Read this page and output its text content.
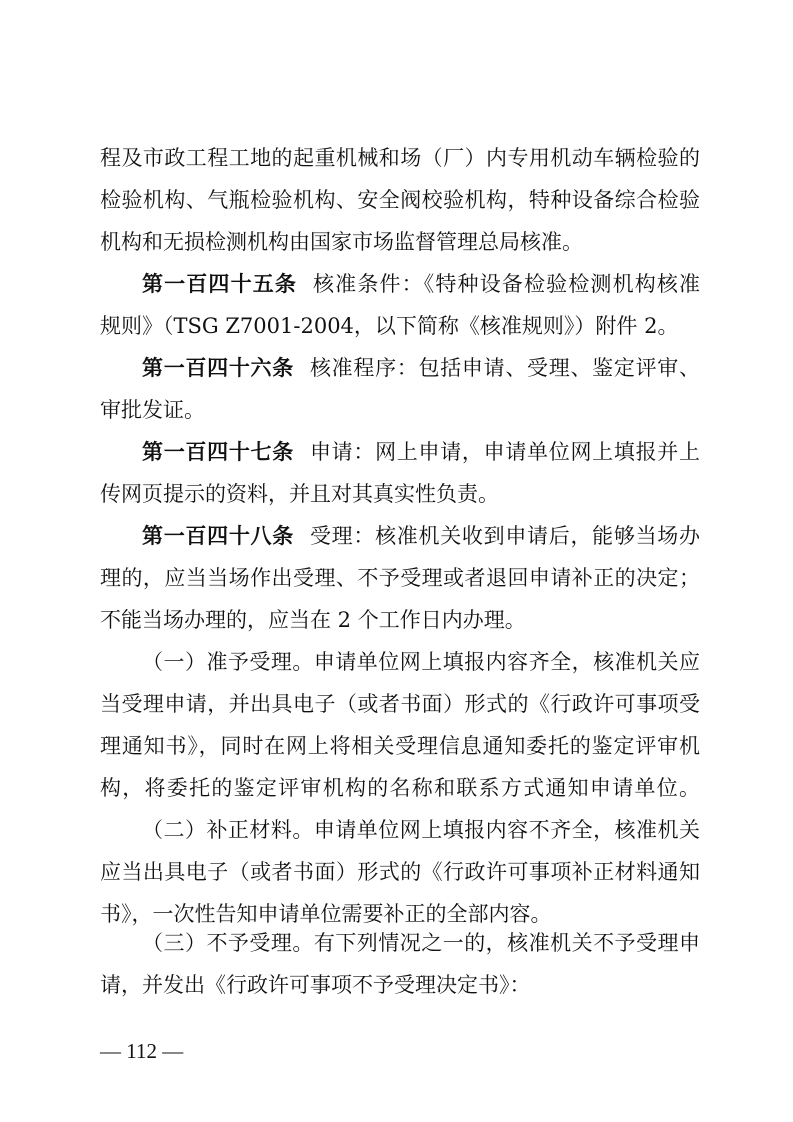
程及市政工程工地的起重机械和场（厂）内专用机动车辆检验的
检验机构、气瓶检验机构、安全阀校验机构，特种设备综合检验
机构和无损检测机构由国家市场监督管理总局核准。
第一百四十五条 核准条件：《特种设备检验检测机构核准
规则》（TSG Z7001-2004，以下简称《核准规则》）附件 2。
第一百四十六条 核准程序：包括申请、受理、鉴定评审、
审批发证。
第一百四十七条 申请：网上申请，申请单位网上填报并上
传网页提示的资料，并且对其真实性负责。
第一百四十八条 受理：核准机关收到申请后，能够当场办
理的，应当当场作出受理、不予受理或者退回申请补正的决定；
不能当场办理的，应当在 2 个工作日内办理。
（一）准予受理。申请单位网上填报内容齐全，核准机关应
当受理申请，并出具电子（或者书面）形式的《行政许可事项受
理通知书》，同时在网上将相关受理信息通知委托的鉴定评审机
构，将委托的鉴定评审机构的名称和联系方式通知申请单位。
（二）补正材料。申请单位网上填报内容不齐全，核准机关
应当出具电子（或者书面）形式的《行政许可事项补正材料通知
书》，一次性告知申请单位需要补正的全部内容。
（三）不予受理。有下列情况之一的，核准机关不予受理申
请，并发出《行政许可事项不予受理决定书》：
— 112 —
